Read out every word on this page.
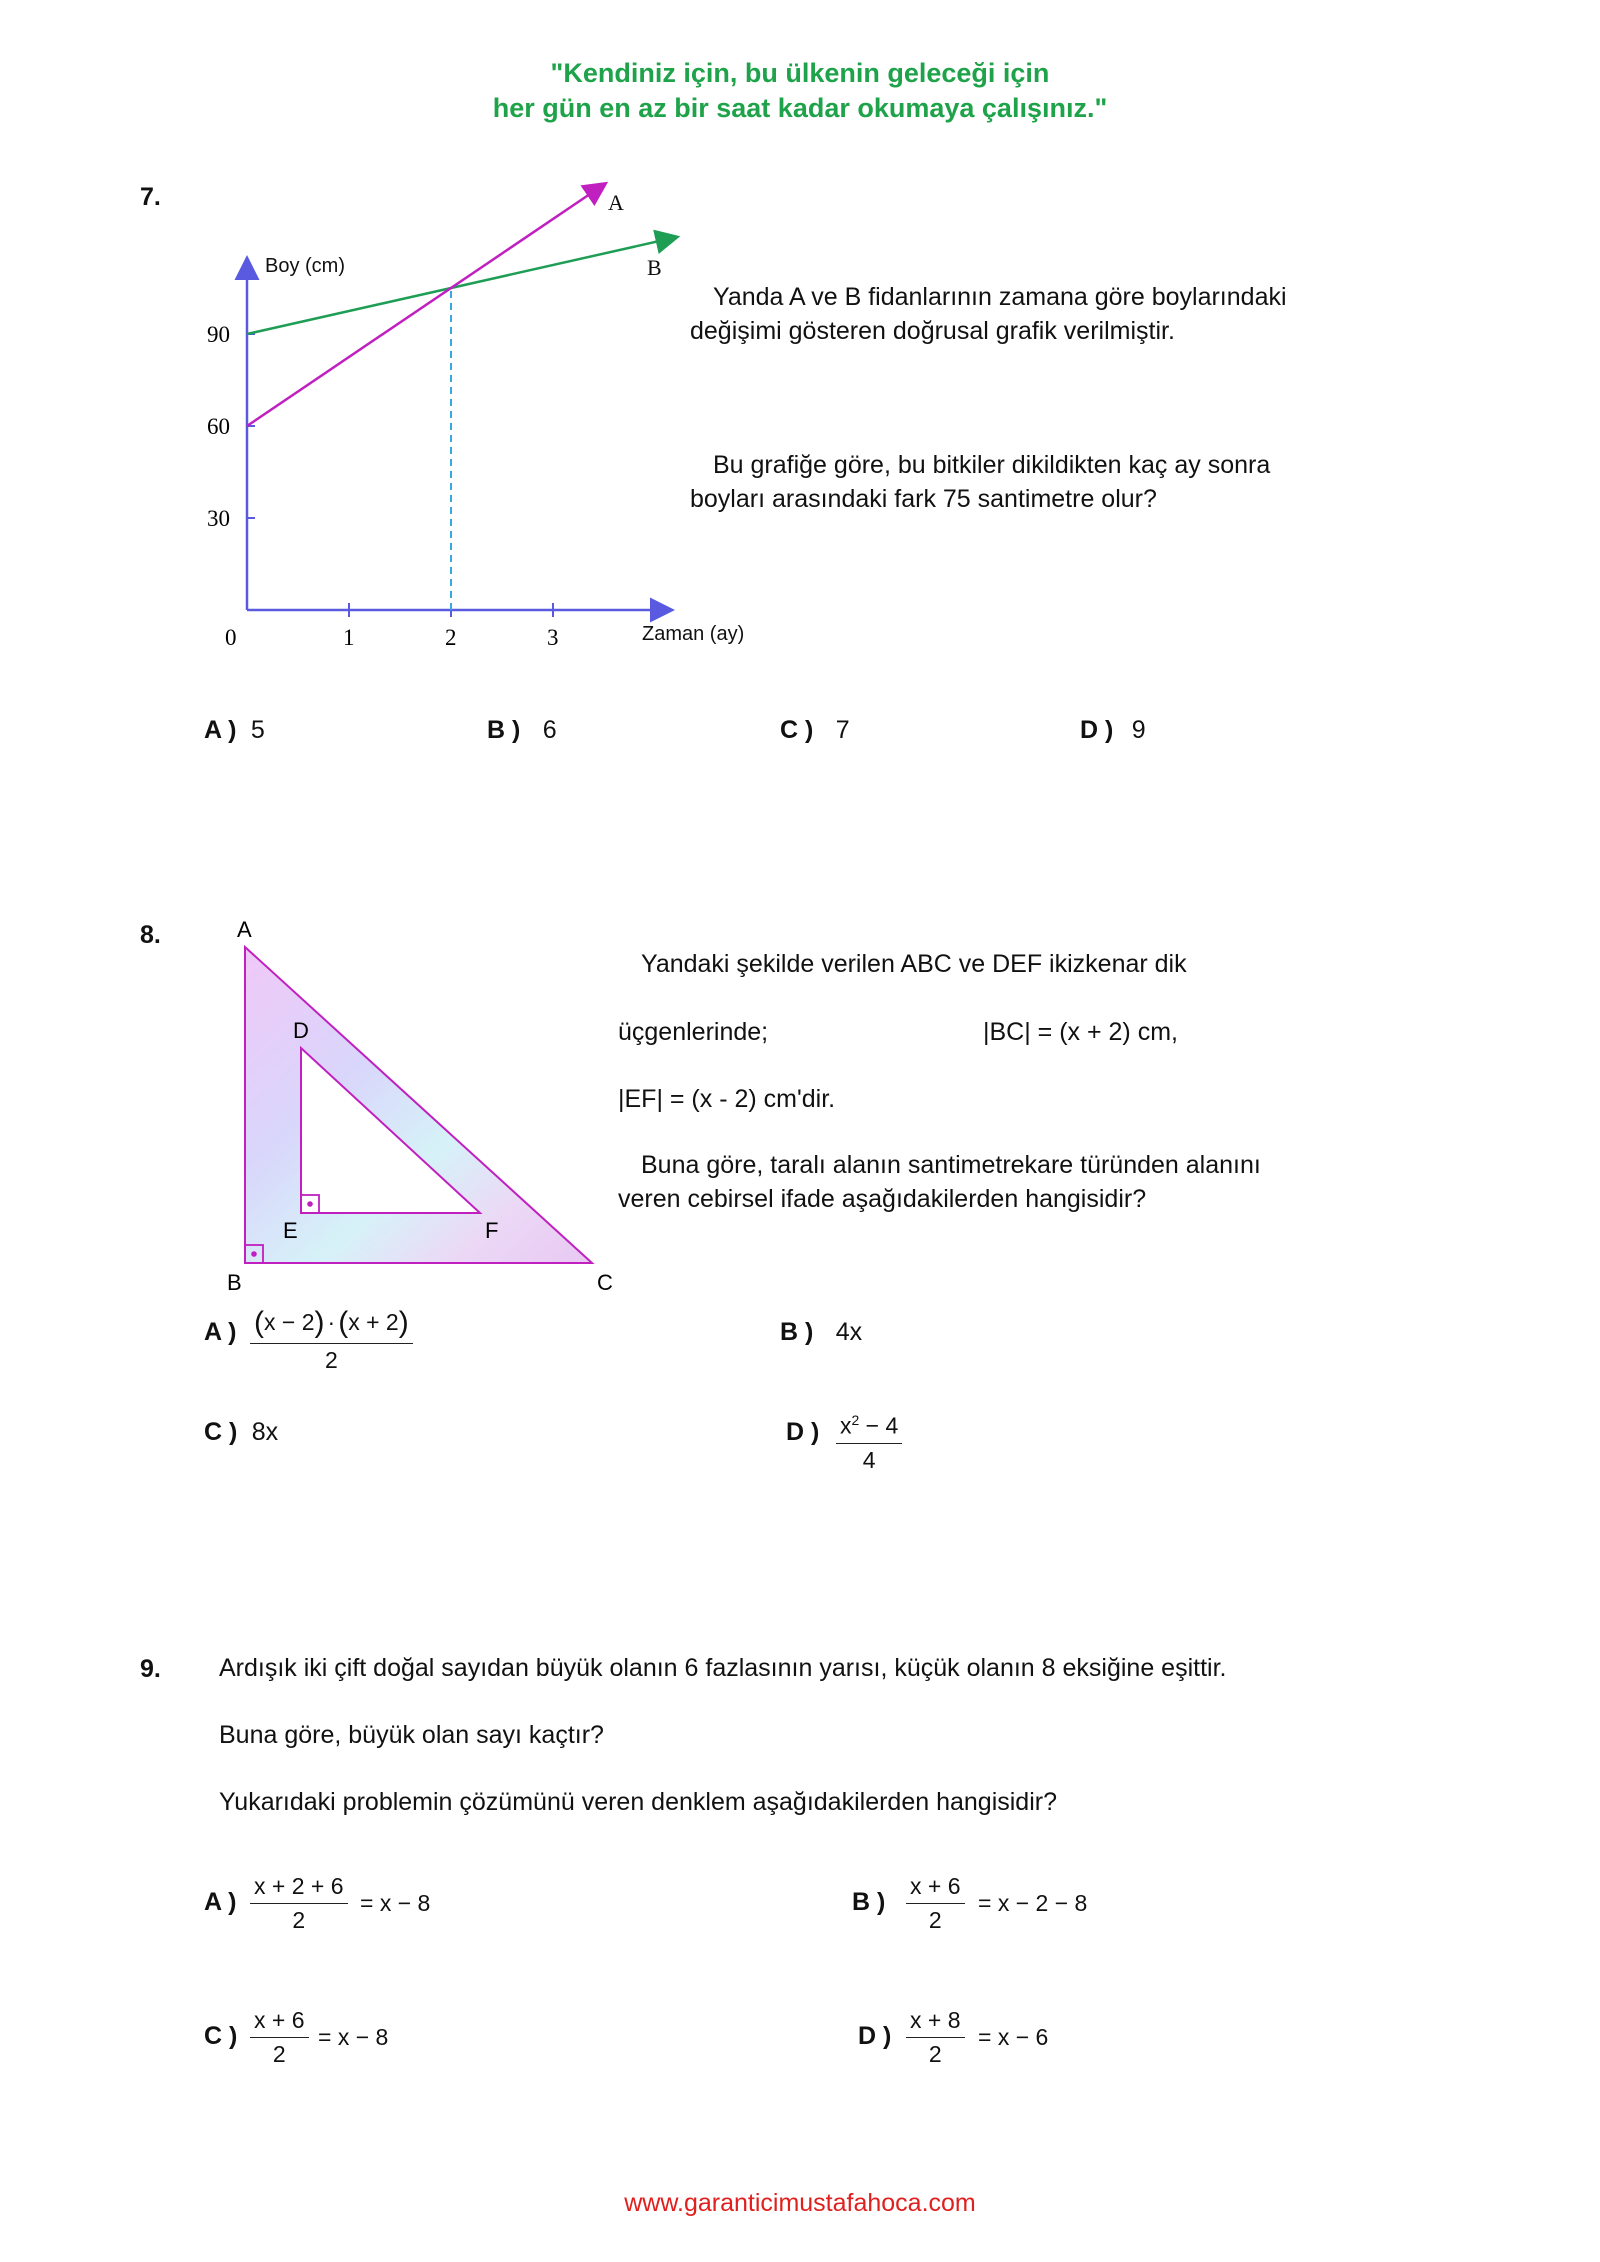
"Kendiniz için, bu ülkenin geleceği için
her gün en az bir saat kadar okumaya çalışınız."
7.
Boy (cm)
Zaman (ay)
0	1	2	3
30
60
90
A
B
Yanda A ve B fidanlarının zamana göre boylarındaki
değişimi gösteren doğrusal grafik verilmiştir.
Bu grafiğe göre, bu bitkiler dikildikten kaç ay sonra
boyları arasındaki fark 75 santimetre olur?
A ) 5	B ) 6	C ) 7	D ) 9
8.	A
B	C
D
E	F
Yandaki şekilde verilen ABC ve DEF ikizkenar dik
üçgenlerinde;	|BC| = (x + 2) cm,
|EF| = (x - 2) cm'dir.
Buna göre, taralı alanın santimetrekare türünden alanını
veren cebirsel ifade aşağıdakilerden hangisidir?
A ) $\frac{(x - 2) \cdot (x + 2)}{2}$	B ) 4x
C ) 8x	D ) $\frac{x^2 - 4}{4}$
9. Ardışık iki çift doğal sayıdan büyük olanın 6 fazlasının yarısı, küçük olanın 8 eksiğine eşittir.
Buna göre, büyük olan sayı kaçtır?
Yukarıdaki problemin çözümünü veren denklem aşağıdakilerden hangisidir?
A ) $\frac{x + 2 + 6}{2} = x - 8$	B ) $\frac{x + 6}{2} = x - 2 - 8$
C ) $\frac{x + 6}{2} = x - 8$	D ) $\frac{x + 8}{2} = x - 6$
www.garanticimustafahoca.com
